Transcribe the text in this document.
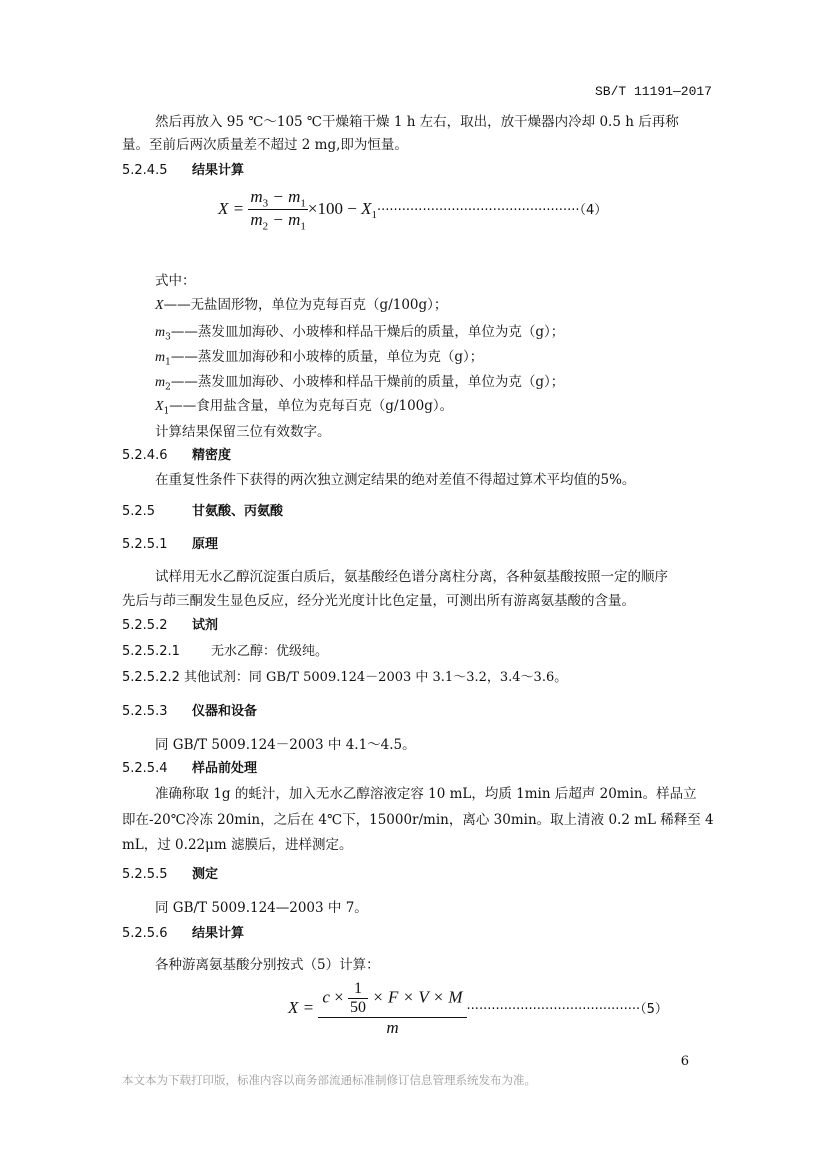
SB/T 11191—2017
然后再放入 95 ℃～105 ℃干燥箱干燥 1 h 左右，取出，放干燥器内冷却 0.5 h 后再称
量。至前后两次质量差不超过 2 mg,即为恒量。
5.2.4.5 结果计算
$X = \frac{m_3 - m_1}{m_2 - m_1} \times 100 - X_1\cdot\cdot\cdot\cdot\cdot\cdot\cdot\cdot\cdot\cdot\cdot\cdot\cdot\cdot\cdot\cdot\cdot\cdot\cdot\cdot\cdot\cdot\cdot\cdot\cdot\cdot\cdot\cdot\cdot\cdot\cdot\cdot\cdot\cdot\cdot\cdot\cdot\cdot\cdot\cdot\cdot\cdot\cdot\cdot\cdot\cdot\cdot\cdot\cdot(4)$
式中：
X——无盐固形物，单位为克每百克（g/100g）；
$m_3——$蒸发皿加海砂、小玻棒和样品干燥后的质量，单位为克（g）；
$m_1——$蒸发皿加海砂和小玻棒的质量，单位为克（g）；
$m_2——$蒸发皿加海砂、小玻棒和样品干燥前的质量，单位为克（g）；
$X_1——$食用盐含量，单位为克每百克（g/100g）。
计算结果保留三位有效数字。
5.2.4.6 精密度
在重复性条件下获得的两次独立测定结果的绝对差值不得超过算术平均值的5%。
5.2.5	甘氨酸、丙氨酸
5.2.5.1 原理
试样用无水乙醇沉淀蛋白质后，氨基酸经色谱分离柱分离，各种氨基酸按照一定的顺序
先后与茚三酮发生显色反应，经分光光度计比色定量，可测出所有游离氨基酸的含量。
5.2.5.2 试剂
5.2.5.2.1 无水乙醇：优级纯。
5.2.5.2.2 其他试剂：同 GB/T 5009.124－2003 中 3.1～3.2，3.4～3.6。
5.2.5.3 仪器和设备
同 GB/T 5009.124－2003 中 4.1～4.5。
5.2.5.4 样品前处理
准确称取 1g 的蚝汁，加入无水乙醇溶液定容 10 mL，均质 1min 后超声 20min。样品立
即在-20℃冷冻 20min，之后在 4℃下，15000r/min，离心 30min。取上清液 0.2 mL 稀释至 4
mL，过 0.22μm 滤膜后，进样测定。
5.2.5.5 测定
同 GB/T 5009.124—2003 中 7。
5.2.5.6 结果计算
各种游离氨基酸分别按式（5）计算：
$X = \frac{c \times \frac{1}{50} \times F \times V \times M}{m} \cdot\cdot\cdot\cdot\cdot\cdot\cdot\cdot\cdot\cdot\cdot\cdot\cdot\cdot\cdot\cdot\cdot\cdot\cdot\cdot\cdot\cdot\cdot\cdot\cdot\cdot\cdot\cdot\cdot\cdot\cdot\cdot\cdot\cdot\cdot\cdot\cdot\cdot\cdot\cdot\cdot\cdot(5)$
6
本文本为下载打印版，标准内容以商务部流通标准制修订信息管理系统发布为准。
